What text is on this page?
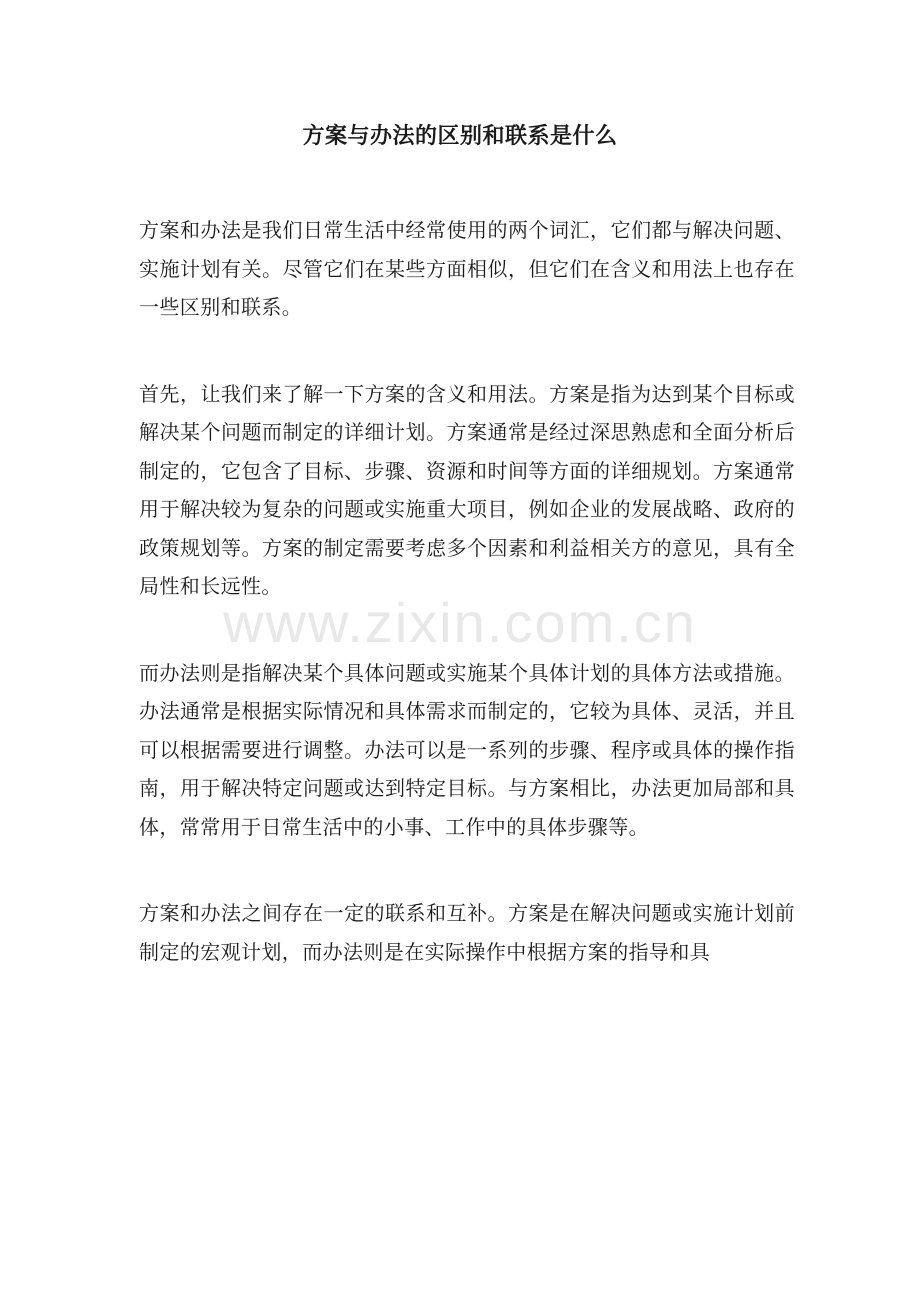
方案与办法的区别和联系是什么

方案和办法是我们日常生活中经常使用的两个词汇，它们都与解决问题、实施计划有关。尽管它们在某些方面相似，但它们在含义和用法上也存在一些区别和联系。

首先，让我们来了解一下方案的含义和用法。方案是指为达到某个目标或解决某个问题而制定的详细计划。方案通常是经过深思熟虑和全面分析后制定的，它包含了目标、步骤、资源和时间等方面的详细规划。方案通常用于解决较为复杂的问题或实施重大项目，例如企业的发展战略、政府的政策规划等。方案的制定需要考虑多个因素和利益相关方的意见，具有全局性和长远性。

而办法则是指解决某个具体问题或实施某个具体计划的具体方法或措施。办法通常是根据实际情况和具体需求而制定的，它较为具体、灵活，并且可以根据需要进行调整。办法可以是一系列的步骤、程序或具体的操作指南，用于解决特定问题或达到特定目标。与方案相比，办法更加局部和具体，常常用于日常生活中的小事、工作中的具体步骤等。

方案和办法之间存在一定的联系和互补。方案是在解决问题或实施计划前制定的宏观计划，而办法则是在实际操作中根据方案的指导和具

www.zixin.com.cn
